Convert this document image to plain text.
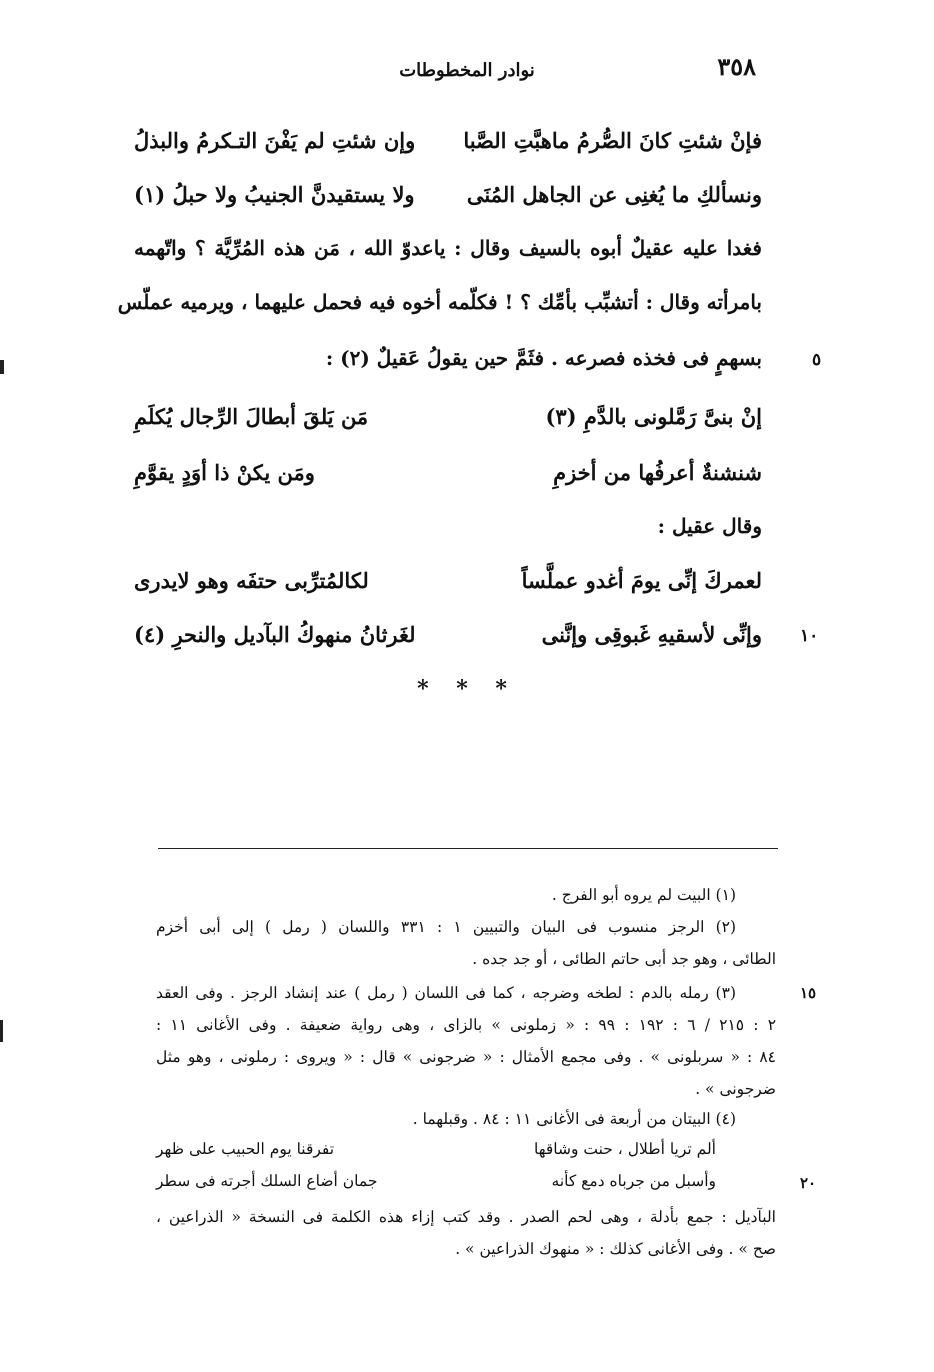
٣٥٨
نوادر المخطوطات
فإنْ شئتِ كانَ الصُّرمُ ماهبَّتِ الصَّبا
وإن شئتِ لم يَفْنَ التـكرمُ والبذلُ
ونسألكِ ما يُغنِى عن الجاهل المُنَى
ولا يستقيدنَّ الجنيبُ ولا حبلُ (١)
فغدا عليه عقيلٌ أبوه بالسيف وقال : ياعدوّ الله ، مَن هذه المُرِّيَّة ؟ واتّهمه
بامرأته وقال : أتشبِّب بأمِّك ؟ ! فكلّمه أخوه فيه فحمل عليهما ، ويرميه عملّس
بسهمٍ فى فخذه فصرعه . فثَمَّ حين يقولُ عَقيلٌ (٢) :	٥
إنْ بنىَّ رَمَّلونى بالدَّمِ (٣)
مَن يَلقَ أبطالَ الرِّجال يُكلَمِ
شنشنةٌ أعرفُها من أخزمِ
ومَن يكنْ ذا أوَدٍ يقوَّمِ
وقال عقيل :
لعمركَ إنِّى يومَ أغدو عملَّساً
لكالمُترِّبى حتفَه وهو لايدرى
وإنِّى لأسقيهِ غَبوقِى وإنَّنى
لغَرثانُ منهوكُ البآديل والنحرِ (٤)	١٠
* * *
(١) البيت لم يروه أبو الفرج .
(٢) الرجز منسوب فى البيان والتبيين ١ : ٣٣١ واللسان ( رمل ) إلى أبى أخزم
الطائى ، وهو جد أبى حاتم الطائى ، أو جد جده .
(٣) رمله بالدم : لطخه وضرجه ، كما فى اللسان ( رمل ) عند إنشاد الرجز . وفى العقد	١٥
٢ : ٢١٥ / ٦ : ١٩٢ : ٩٩ : « زملونى » بالزاى ، وهى رواية ضعيفة . وفى الأغانى ١١ :
٨٤ : « سربلونى » . وفى مجمع الأمثال : « ضرجونى » قال : « ويروى : رملونى ، وهو مثل
ضرجونى » .
(٤) البيتان من أربعة فى الأغانى ١١ : ٨٤ . وقبلهما .
ألم تريا أطلال ، حنت وشاقها
تفرقنا يوم الحبيب على ظهر
وأسبل من جرباه دمع كأنه
جمان أضاع السلك أجرته فى سطر	٢٠
البآديل : جمع بأدلة ، وهى لحم الصدر . وقد كتب إزاء هذه الكلمة فى النسخة « الذراعين ،
صح » . وفى الأغانى كذلك : « منهوك الذراعين » .
